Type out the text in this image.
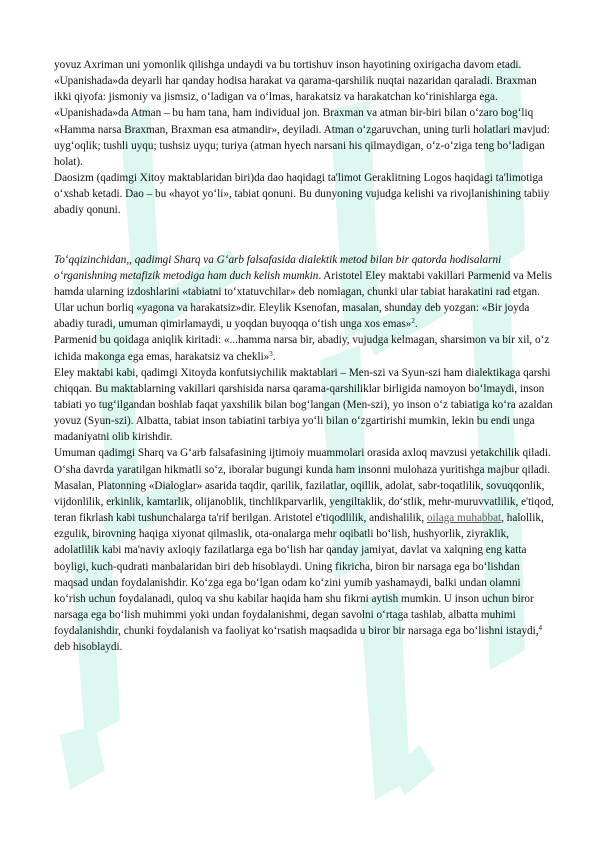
yovuz Axriman uni yomonlik qilishga undaydi va bu tortishuv inson hayotining oxirigacha davom etadi.

«Upanishada»da deyarli har qanday hodisa harakat va qarama-qarshilik nuqtai nazaridan qaraladi. Braxman ikki qiyofa: jismoniy va jismsiz, o‘ladigan va o‘lmas, harakatsiz va harakatchan ko‘rinishlarga ega. «Upanishada»da Atman – bu ham tana, ham individual jon. Braxman va atman bir-biri bilan o‘zaro bog‘liq «Hamma narsa Braxman, Braxman esa atmandir», deyiladi. Atman o‘zgaruvchan, uning turli holatlari mavjud: uyg‘oqlik; tushli uyqu; tushsiz uyqu; turiya (atman hyech narsani his qilmaydigan, o‘z-o‘ziga teng bo‘ladigan holat).

Daosizm (qadimgi Xitoy maktablaridan biri)da dao haqidagi ta'limot Geraklitning Logos haqidagi ta'limotiga o‘xshab ketadi. Dao – bu «hayot yo‘li», tabiat qonuni. Bu dunyoning vujudga kelishi va rivojlanishining tabiiy abadiy qonuni.

To‘qqizinchidan,, qadimgi Sharq va G‘arb falsafasida dialektik metod bilan bir qatorda hodisalarni o‘rganishning metafizik metodiga ham duch kelish mumkin. Aristotel Eley maktabi vakillari Parmenid va Melis hamda ularning izdoshlarini «tabiatni to‘xtatuvchilar» deb nomlagan, chunki ular tabiat harakatini rad etgan. Ular uchun borliq «yagona va harakatsiz»dir. Eleylik Ksenofan, masalan, shunday deb yozgan: «Bir joyda abadiy turadi, umuman qimirlamaydi, u yoqdan buyoqqa o‘tish unga xos emas»$^2$.

Parmenid bu qoidaga aniqlik kiritadi: «...hamma narsa bir, abadiy, vujudga kelmagan, sharsimon va bir xil, o‘z ichida makonga ega emas, harakatsiz va chekli»$^3$.

Eley maktabi kabi, qadimgi Xitoyda konfutsiychilik maktablari – Men-szi va Syun-szi ham dialektikaga qarshi chiqqan. Bu maktablarning vakillari qarshisida narsa qarama-qarshiliklar birligida namoyon bo‘lmaydi, inson tabiati yo tug‘ilgandan boshlab faqat yaxshilik bilan bog‘langan (Men-szi), yo inson o‘z tabiatiga ko‘ra azaldan yovuz (Syun-szi). Albatta, tabiat inson tabiatini tarbiya yo‘li bilan o‘zgartirishi mumkin, lekin bu endi unga madaniyatni olib kirishdir.

Umuman qadimgi Sharq va G‘arb falsafasining ijtimoiy muammolari orasida axloq mavzusi yetakchilik qiladi. O‘sha davrda yaratilgan hikmatli so‘z, iboralar bugungi kunda ham insonni mulohaza yuritishga majbur qiladi. Masalan, Platonning «Dialoglar» asarida taqdir, qarilik, fazilatlar, oqillik, adolat, sabr-toqatlilik, sovuqqonlik, vijdonlilik, erkinlik, kamtarlik, olijanoblik, tinchlikparvarlik, yengiltaklik, do‘stlik, mehr-muruvvatlilik, e'tiqod, teran fikrlash kabi tushunchalarga ta'rif berilgan. Aristotel e'tiqodlilik, andishalilik, oilaga muhabbat, halollik, ezgulik, birovning haqiga xiyonat qilmaslik, ota-onalarga mehr oqibatli bo‘lish, hushyorlik, ziyraklik, adolatlilik kabi ma'naviy axloqiy fazilatlarga ega bo‘lish har qanday jamiyat, davlat va xalqning eng katta boyligi, kuch-qudrati manbalaridan biri deb hisoblaydi. Uning fikricha, biron bir narsaga ega bo‘lishdan maqsad undan foydalanishdir. Ko‘zga ega bo‘lgan odam ko‘zini yumib yashamaydi, balki undan olamni ko‘rish uchun foydalanadi, quloq va shu kabilar haqida ham shu fikrni aytish mumkin. U inson uchun biror narsaga ega bo‘lish muhimmi yoki undan foydalanishmi, degan savolni o‘rtaga tashlab, albatta muhimi foydalanishdir, chunki foydalanish va faoliyat ko‘rsatish maqsadida u biror bir narsaga ega bo‘lishni istaydi,$^4$ deb hisoblaydi.
